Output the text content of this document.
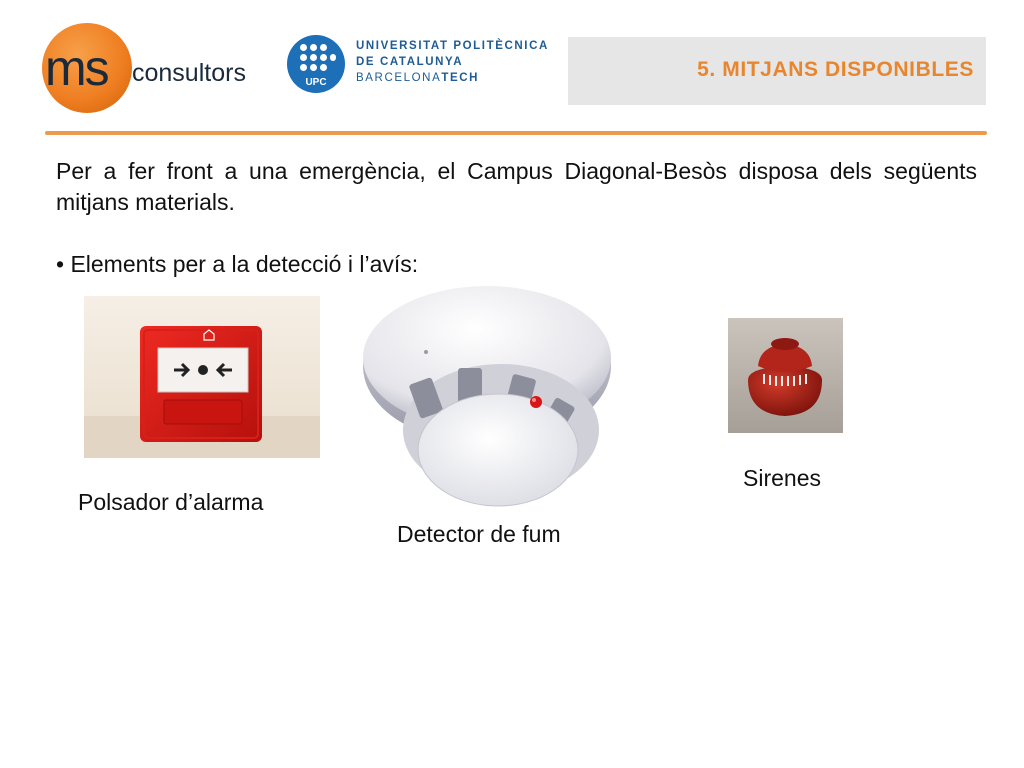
ms consultors	UPC
UNIVERSITAT POLITÈCNICA
DE CATALUNYA
BARCELONATECH	5. MITJANS DISPONIBLES

Per a fer front a una emergència, el Campus Diagonal-Besòs disposa dels següents mitjans materials.

• Elements per a la detecció i l’avís:

Polsador d’alarma

Detector de fum

Sirenes
